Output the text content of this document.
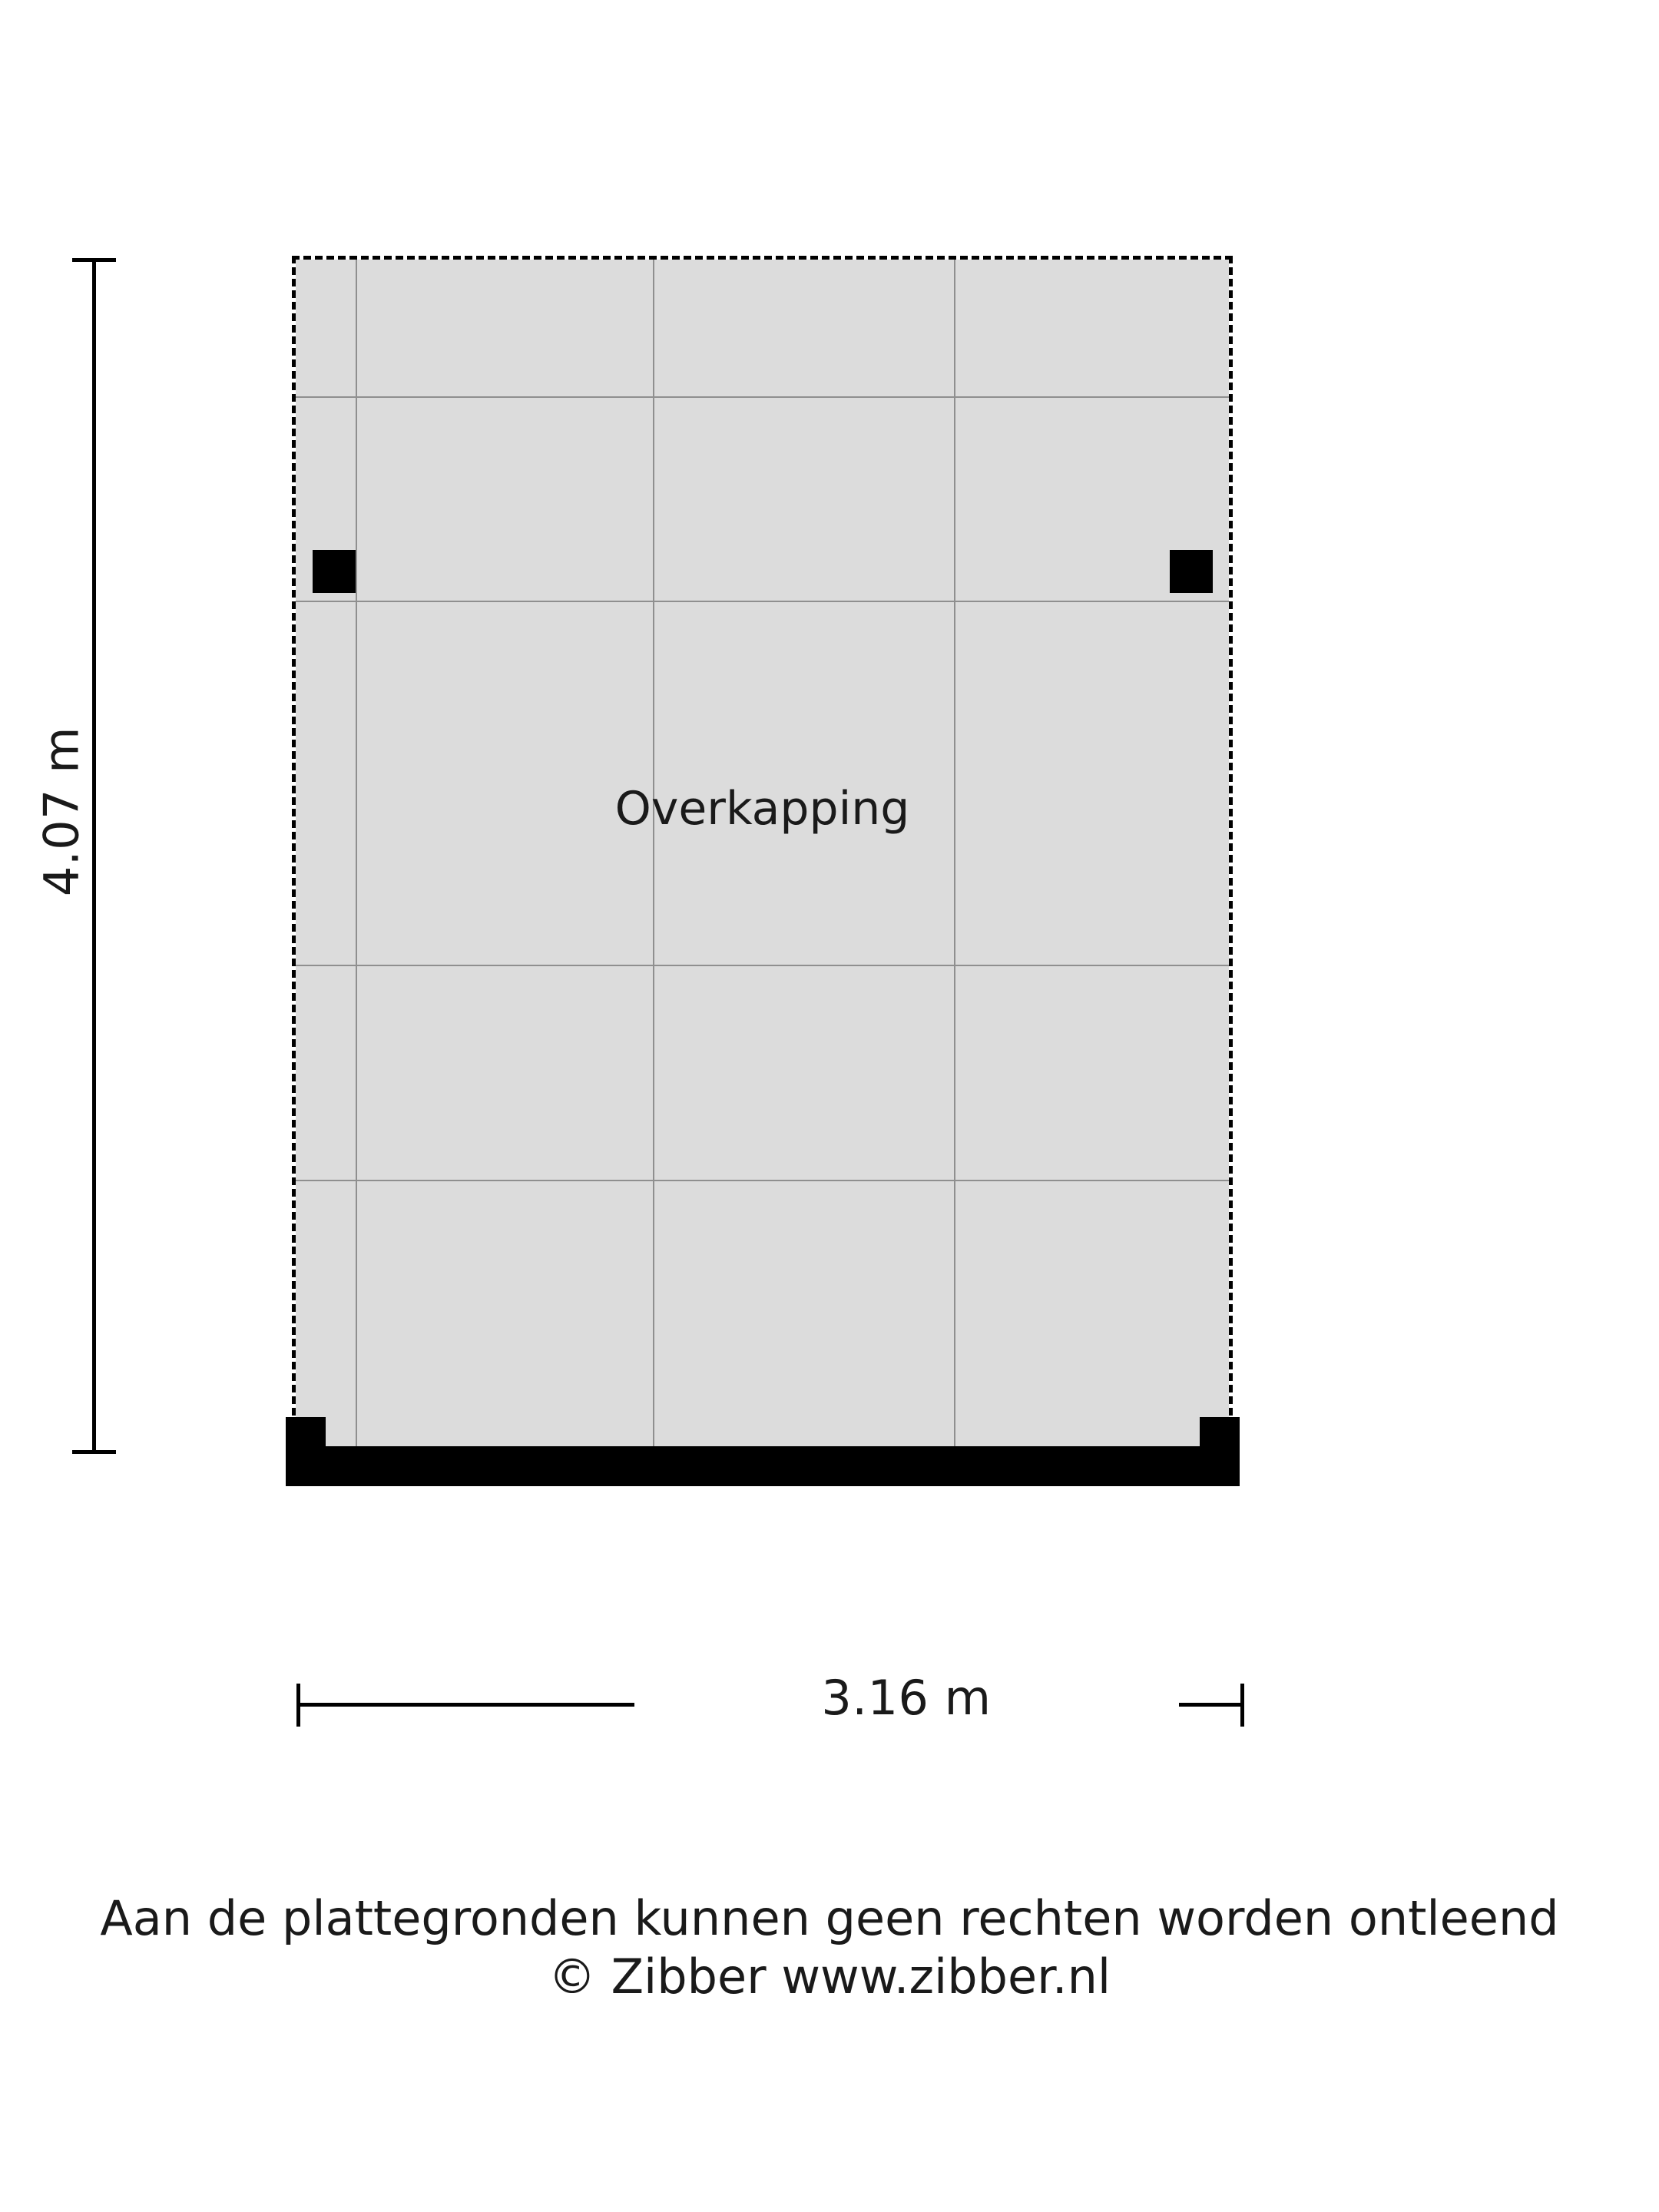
4.07 m	Overkapping
3.16 m
Aan de plattegronden kunnen geen rechten worden ontleend
© Zibber www.zibber.nl
